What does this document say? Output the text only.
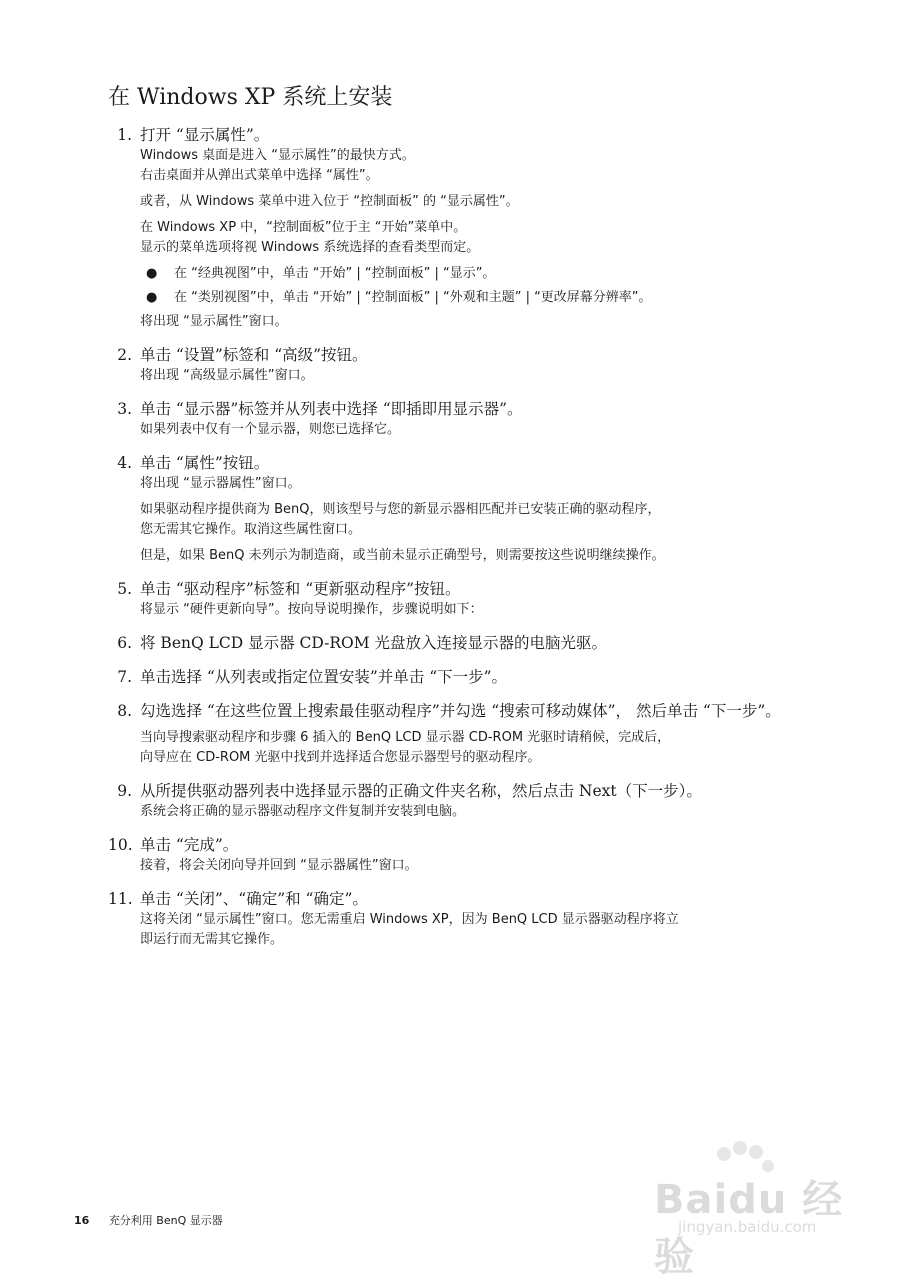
在 Windows XP 系统上安装
1. 打开 “显示属性”。
Windows 桌面是进入 “显示属性”的最快方式。
右击桌面并从弹出式菜单中选择 “属性”。
或者，从 Windows 菜单中进入位于 “控制面板” 的 “显示属性”。
在 Windows XP 中，“控制面板”位于主 “开始”菜单中。
显示的菜单选项将视 Windows 系统选择的查看类型而定。
● 在 “经典视图”中，单击 “开始” | “控制面板” | “显示”。
● 在 “类别视图”中，单击 “开始” | “控制面板” | “外观和主题” | “更改屏幕分辨率”。
将出现 “显示属性”窗口。
2. 单击 “设置”标签和 “高级”按钮。
将出现 “高级显示属性”窗口。
3. 单击 “显示器”标签并从列表中选择 “即插即用显示器”。
如果列表中仅有一个显示器，则您已选择它。
4. 单击 “属性”按钮。
将出现 “显示器属性”窗口。
如果驱动程序提供商为 BenQ，则该型号与您的新显示器相匹配并已安装正确的驱动程序，
您无需其它操作。取消这些属性窗口。
但是，如果 BenQ 未列示为制造商，或当前未显示正确型号，则需要按这些说明继续操作。
5. 单击 “驱动程序”标签和 “更新驱动程序”按钮。
将显示 “硬件更新向导”。按向导说明操作，步骤说明如下：
6. 将 BenQ LCD 显示器 CD-ROM 光盘放入连接显示器的电脑光驱。
7. 单击选择 “从列表或指定位置安装”并单击 “下一步”。
8. 勾选选择 “在这些位置上搜索最佳驱动程序”并勾选 “搜索可移动媒体”， 然后单击 “下一步”。
当向导搜索驱动程序和步骤 6 插入的 BenQ LCD 显示器 CD-ROM 光驱时请稍候，完成后，
向导应在 CD-ROM 光驱中找到并选择适合您显示器型号的驱动程序。
9. 从所提供驱动器列表中选择显示器的正确文件夹名称，然后点击 Next（下一步）。
系统会将正确的显示器驱动程序文件复制并安装到电脑。
10. 单击 “完成”。
接着，将会关闭向导并回到 “显示器属性”窗口。
11. 单击 “关闭”、“确定”和 “确定”。
这将关闭 “显示属性”窗口。您无需重启 Windows XP，因为 BenQ LCD 显示器驱动程序将立
即运行而无需其它操作。
16 充分利用 BenQ 显示器	Baidu 经验
jingyan.baidu.com
